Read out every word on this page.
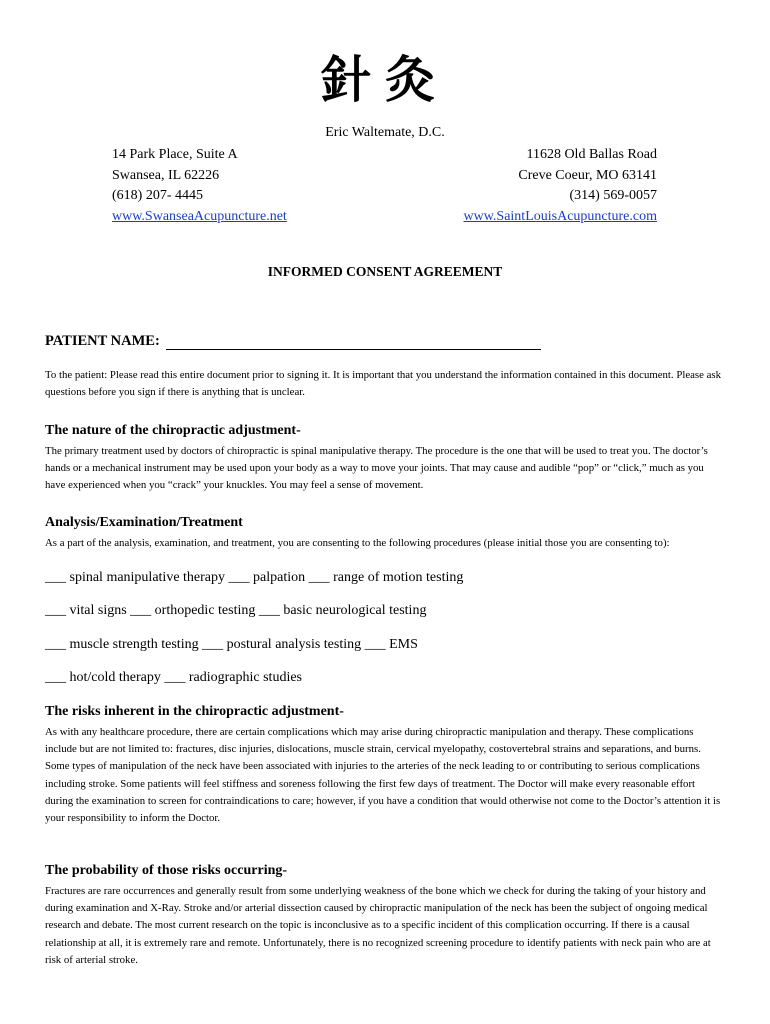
針灸
Eric Waltemate, D.C.
14 Park Place, Suite A
Swansea, IL 62226
(618) 207- 4445
www.SwanseaAcupuncture.net
11628 Old Ballas Road
Creve Coeur, MO 63141
(314) 569-0057
www.SaintLouisAcupuncture.com
INFORMED CONSENT AGREEMENT
PATIENT NAME:
To the patient: Please read this entire document prior to signing it. It is important that you understand the information contained in this document. Please ask questions before you sign if there is anything that is unclear.
The nature of the chiropractic adjustment-
The primary treatment used by doctors of chiropractic is spinal manipulative therapy. The procedure is the one that will be used to treat you. The doctor’s hands or a mechanical instrument may be used upon your body as a way to move your joints. That may cause and audible “pop” or “click,” much as you have experienced when you “crack” your knuckles. You may feel a sense of movement.
Analysis/Examination/Treatment
As a part of the analysis, examination, and treatment, you are consenting to the following procedures (please initial those you are consenting to):
___ spinal manipulative therapy ___ palpation ___ range of motion testing
___ vital signs ___ orthopedic testing ___ basic neurological testing
___ muscle strength testing ___ postural analysis testing ___ EMS
___ hot/cold therapy ___ radiographic studies
The risks inherent in the chiropractic adjustment-
As with any healthcare procedure, there are certain complications which may arise during chiropractic manipulation and therapy. These complications include but are not limited to: fractures, disc injuries, dislocations, muscle strain, cervical myelopathy, costovertebral strains and separations, and burns. Some types of manipulation of the neck have been associated with injuries to the arteries of the neck leading to or contributing to serious complications including stroke. Some patients will feel stiffness and soreness following the first few days of treatment. The Doctor will make every reasonable effort during the examination to screen for contraindications to care; however, if you have a condition that would otherwise not come to the Doctor’s attention it is your responsibility to inform the Doctor.
The probability of those risks occurring-
Fractures are rare occurrences and generally result from some underlying weakness of the bone which we check for during the taking of your history and during examination and X-Ray. Stroke and/or arterial dissection caused by chiropractic manipulation of the neck has been the subject of ongoing medical research and debate. The most current research on the topic is inconclusive as to a specific incident of this complication occurring. If there is a causal relationship at all, it is extremely rare and remote. Unfortunately, there is no recognized screening procedure to identify patients with neck pain who are at risk of arterial stroke.
